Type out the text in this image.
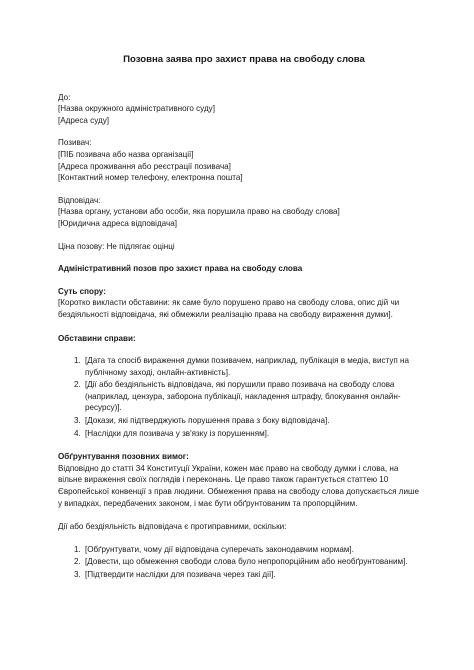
Позовна заява про захист права на свободу слова
До:
[Назва окружного адміністративного суду]
[Адреса суду]
Позивач:
[ПІБ позивача або назва організації]
[Адреса проживання або реєстрації позивача]
[Контактний номер телефону, електронна пошта]
Відповідач:
[Назва органу, установи або особи, яка порушила право на свободу слова]
[Юридична адреса відповідача]
Ціна позову: Не підлягає оцінці
Адміністративний позов про захист права на свободу слова
Суть спору:
[Коротко викласти обставини: як саме було порушено право на свободу слова, опис дій чи бездіяльності відповідача, які обмежили реалізацію права на свободу вираження думки].
Обставини справи:
1. [Дата та спосіб вираження думки позивачем, наприклад, публікація в медіа, виступ на публічному заході, онлайн-активність].
2. [Дії або бездіяльність відповідача, які порушили право позивача на свободу слова (наприклад, цензура, заборона публікації, накладення штрафу, блокування онлайн-ресурсу)].
3. [Докази, які підтверджують порушення права з боку відповідача].
4. [Наслідки для позивача у зв'язку із порушенням].
Обґрунтування позовних вимог:
Відповідно до статті 34 Конституції України, кожен має право на свободу думки і слова, на вільне вираження своїх поглядів і переконань. Це право також гарантується статтею 10 Європейської конвенції з прав людини. Обмеження права на свободу слова допускається лише у випадках, передбачених законом, і має бути обґрунтованим та пропорційним.
Дії або бездіяльність відповідача є протиправними, оскільки:
1. [Обґрунтувати, чому дії відповідача суперечать законодавчим нормам].
2. [Довести, що обмеження свободи слова було непропорційним або необґрунтованим].
3. [Підтвердити наслідки для позивача через такі дії].
